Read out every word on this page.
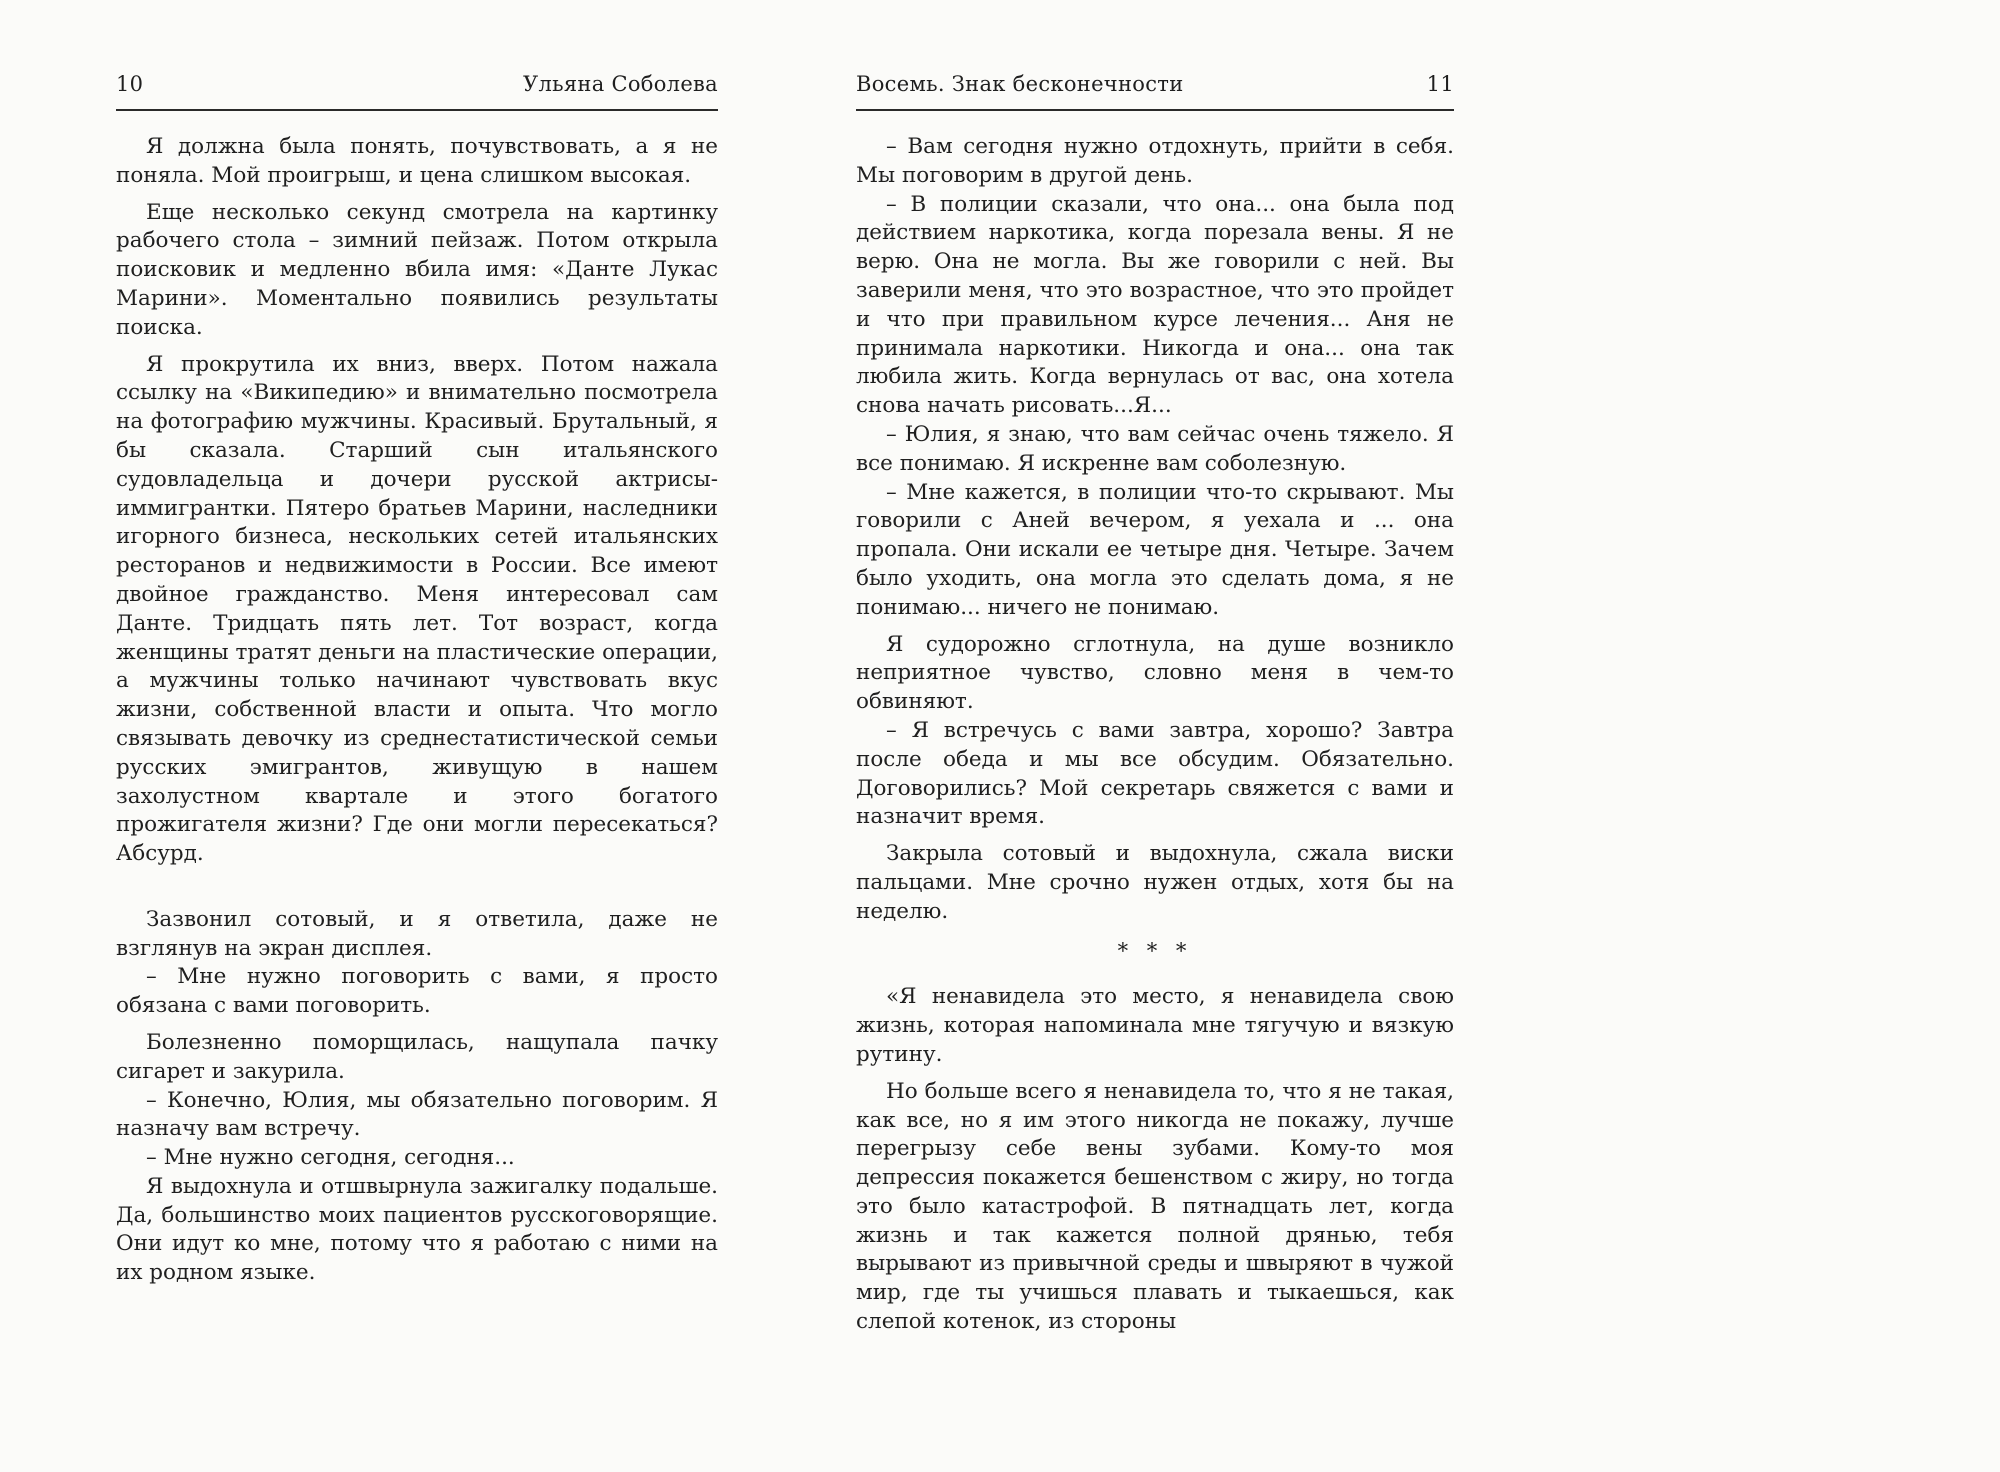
10	Ульяна Соболева

Я должна была понять, почувствовать, а я не поняла. Мой проигрыш, и цена слишком высокая.

Еще несколько секунд смотрела на картинку рабочего стола – зимний пейзаж. Потом открыла поисковик и медленно вбила имя: «Данте Лукас Марини». Моментально появились результаты поиска.

Я прокрутила их вниз, вверх. Потом нажала ссылку на «Википедию» и внимательно посмотрела на фотографию мужчины. Красивый. Брутальный, я бы сказала. Старший сын итальянского судовладельца и дочери русской актрисы-иммигрантки. Пятеро братьев Марини, наследники игорного бизнеса, нескольких сетей итальянских ресторанов и недвижимости в России. Все имеют двойное гражданство. Меня интересовал сам Данте. Тридцать пять лет. Тот возраст, когда женщины тратят деньги на пластические операции, а мужчины только начинают чувствовать вкус жизни, собственной власти и опыта. Что могло связывать девочку из среднестатистической семьи русских эмигрантов, живущую в нашем захолустном квартале и этого богатого прожигателя жизни? Где они могли пересекаться? Абсурд.

Зазвонил сотовый, и я ответила, даже не взглянув на экран дисплея.

– Мне нужно поговорить с вами, я просто обязана с вами поговорить.

Болезненно поморщилась, нащупала пачку сигарет и закурила.

– Конечно, Юлия, мы обязательно поговорим. Я назначу вам встречу.

– Мне нужно сегодня, сегодня...

Я выдохнула и отшвырнула зажигалку подальше. Да, большинство моих пациентов русскоговорящие. Они идут ко мне, потому что я работаю с ними на их родном языке.

Восемь. Знак бесконечности	11

– Вам сегодня нужно отдохнуть, прийти в себя. Мы поговорим в другой день.

– В полиции сказали, что она... она была под действием наркотика, когда порезала вены. Я не верю. Она не могла. Вы же говорили с ней. Вы заверили меня, что это возрастное, что это пройдет и что при правильном курсе лечения... Аня не принимала наркотики. Никогда и она... она так любила жить. Когда вернулась от вас, она хотела снова начать рисовать...Я...

– Юлия, я знаю, что вам сейчас очень тяжело. Я все понимаю. Я искренне вам соболезную.

– Мне кажется, в полиции что-то скрывают. Мы говорили с Аней вечером, я уехала и ... она пропала. Они искали ее четыре дня. Четыре. Зачем было уходить, она могла это сделать дома, я не понимаю... ничего не понимаю.

Я судорожно сглотнула, на душе возникло неприятное чувство, словно меня в чем-то обвиняют.

– Я встречусь с вами завтра, хорошо? Завтра после обеда и мы все обсудим. Обязательно. Договорились? Мой секретарь свяжется с вами и назначит время.

Закрыла сотовый и выдохнула, сжала виски пальцами. Мне срочно нужен отдых, хотя бы на неделю.

* * *

«Я ненавидела это место, я ненавидела свою жизнь, которая напоминала мне тягучую и вязкую рутину.

Но больше всего я ненавидела то, что я не такая, как все, но я им этого никогда не покажу, лучше перегрызу себе вены зубами. Кому-то моя депрессия покажется бешенством с жиру, но тогда это было катастрофой. В пятнадцать лет, когда жизнь и так кажется полной дрянью, тебя вырывают из привычной среды и швыряют в чужой мир, где ты учишься плавать и тыкаешься, как слепой котенок, из стороны
